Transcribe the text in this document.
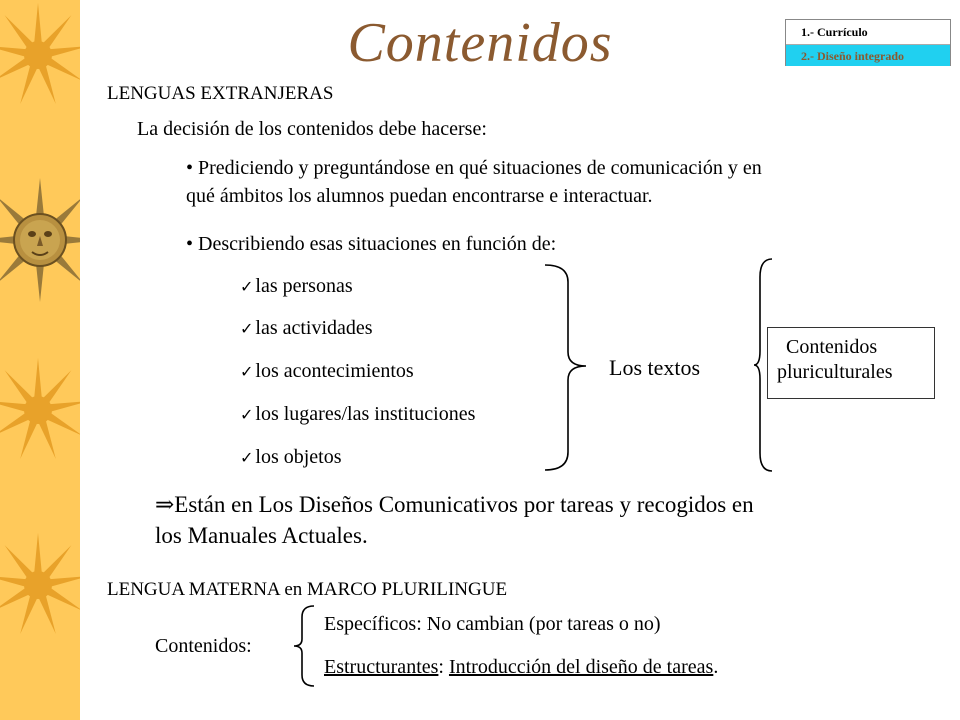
Contenidos	1.- Currículo
2.- Diseño integrado
LENGUAS EXTRANJERAS
La decisión de los contenidos debe hacerse:
• Prediciendo y preguntándose en qué situaciones de comunicación y en
qué ámbitos los alumnos puedan encontrarse e interactuar.
• Describiendo esas situaciones en función de:
✓ las personas
✓ las actividades
✓ los acontecimientos
✓ los lugares/las instituciones
✓ los objetos
Los textos
Contenidos
pluriculturales
⇒Están en Los Diseños Comunicativos por tareas y recogidos en
los Manuales Actuales.
LENGUA MATERNA en MARCO PLURILINGUE
Contenidos:
Específicos: No cambian (por tareas o no)
Estructurantes: Introducción del diseño de tareas.
